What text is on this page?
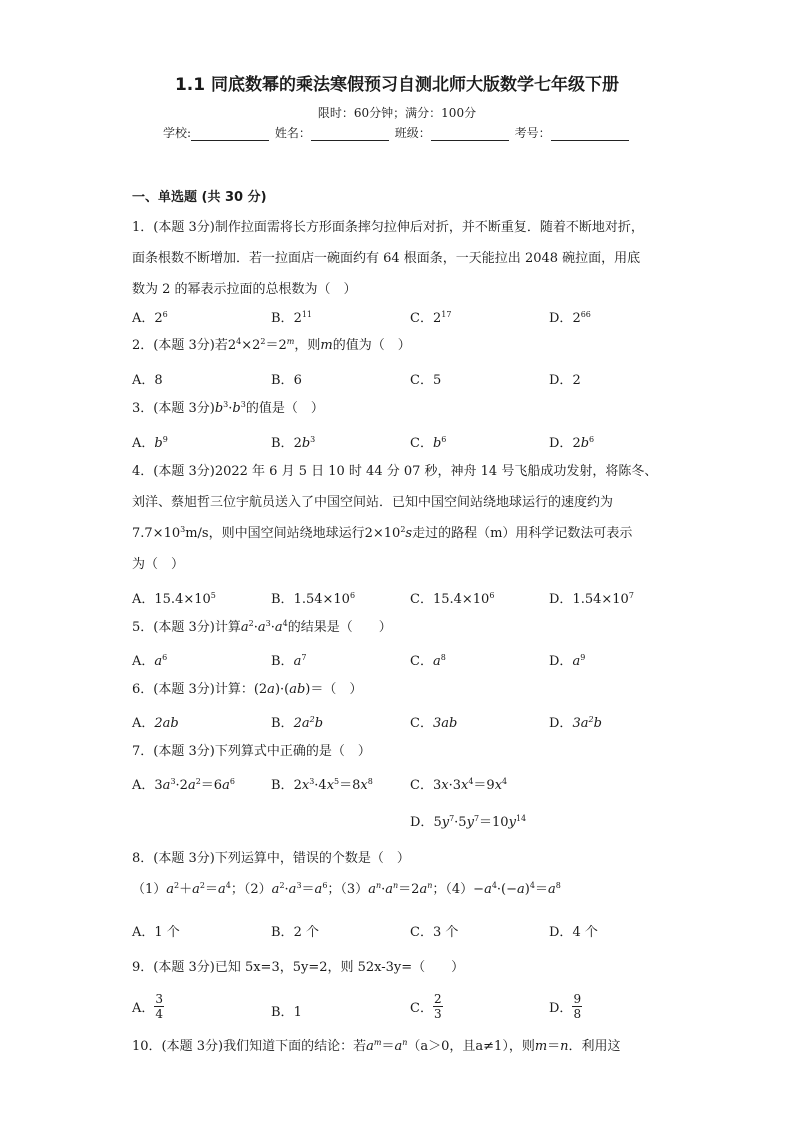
1.1 同底数幂的乘法寒假预习自测北师大版数学七年级下册
限时：60分钟；满分：100分
学校:	姓名：	班级：	考号：
一、单选题 (共 30 分)
1．(本题 3分)制作拉面需将长方形面条摔匀拉伸后对折，并不断重复．随着不断地对折，
面条根数不断增加．若一拉面店一碗面约有 64 根面条，一天能拉出 2048 碗拉面，用底
数为 2 的幂表示拉面的总根数为（　）
A．$2^6$	B．$2^{11}$	C．$2^{17}$	D．$2^{66}$
2．(本题 3分)若$2^4\times 2^2=2^m$，则m的值为（　）
A．8	B．6	C．5	D．2
3．(本题 3分)$b^3\cdot b^3$的值是（　）
A．$b^9$	B．$2b^3$	C．$b^6$	D．$2b^6$
4．(本题 3分)2022 年 6 月 5 日 10 时 44 分 07 秒，神舟 14 号飞船成功发射，将陈冬、
刘洋、蔡旭哲三位宇航员送入了中国空间站．已知中国空间站绕地球运行的速度约为
$7.7\times 10^3m/s$，则中国空间站绕地球运行$2\times 10^2s$走过的路程（m）用科学记数法可表示
为（　）
A．$15.4\times 10^5$	B．$1.54\times 10^6$	C．$15.4\times 10^6$	D．$1.54\times 10^7$
5．(本题 3分)计算$a^2\cdot a^3\cdot a^4$的结果是（　　）
A．$a^6$	B．$a^7$	C．$a^8$	D．$a^9$
6．(本题 3分)计算：(2a)·(ab)＝（　）
A．2ab	B．$2a^2b$	C．3ab	D．$3a^2b$
7．(本题 3分)下列算式中正确的是（　）
A．$3a^3\cdot 2a^2=6a^6$	B．$2x^3\cdot 4x^5=8x^8$	C．$3x\cdot 3x^4=9x^4$
D．$5y^7\cdot 5y^7=10y^{14}$
8．(本题 3分)下列运算中，错误的个数是（　）
$(1)a^2+a^2=a^4$；$(2)a^2\cdot a^3=a^6$；$(3)a^n\cdot a^n=2a^n$；$(4)-a^4\cdot(-a)^4=a^8$
A．1 个	B．2 个	C．3 个	D．4 个
9．(本题 3分)已知 5x=3，5y=2，则 52x-3y=（　　）
A． $\frac{3}{4}$	B．1	C． $\frac{2}{3}$	D． $\frac{9}{8}$
10．(本题 3分)我们知道下面的结论：若$a^m=a^n(a>0$，且a≠1），则m＝n．利用这
